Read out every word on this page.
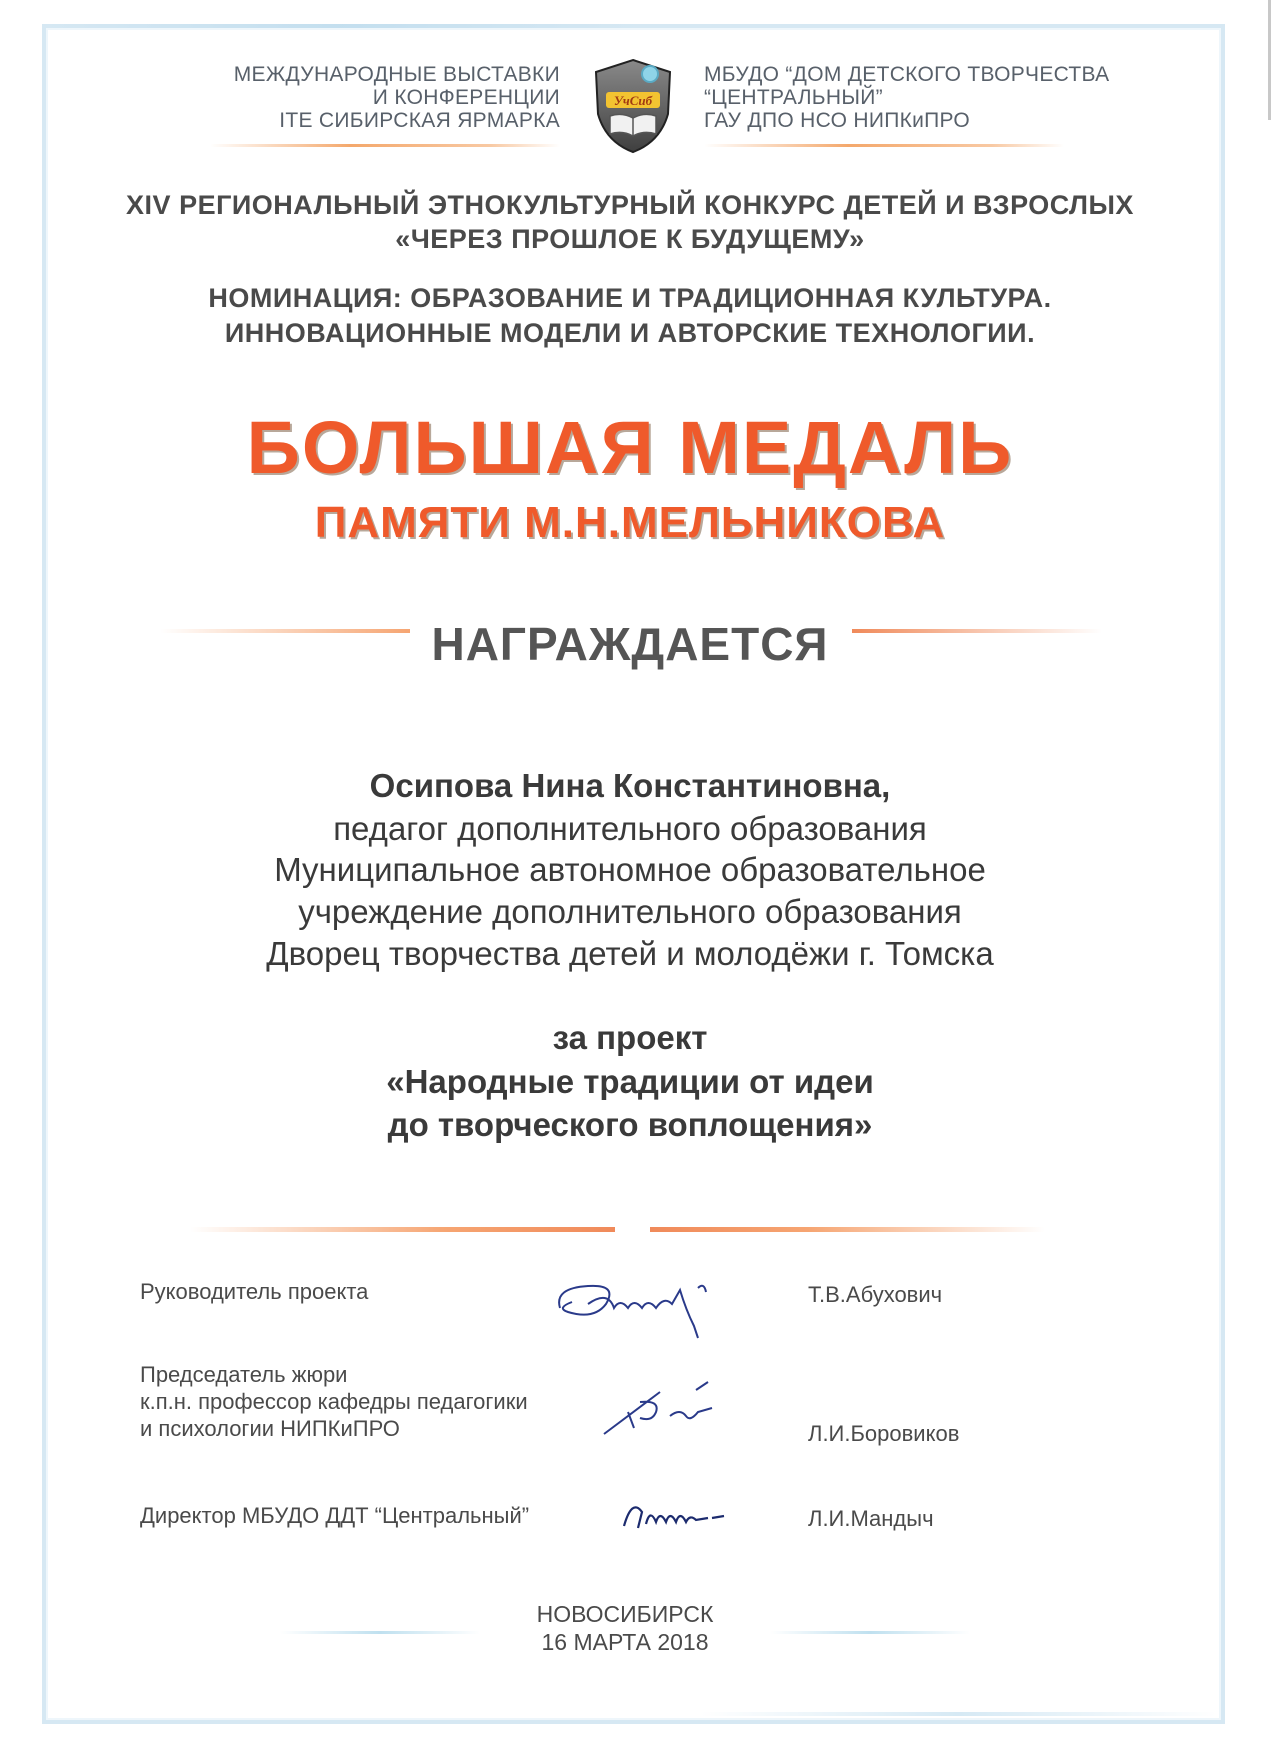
МЕЖДУНАРОДНЫЕ ВЫСТАВКИ
И КОНФЕРЕНЦИИ
ITE СИБИРСКАЯ ЯРМАРКА
УчСиб
МБУДО “ДОМ ДЕТСКОГО ТВОРЧЕСТВА
“ЦЕНТРАЛЬНЫЙ”
ГАУ ДПО НСО НИПКиПРО
XIV РЕГИОНАЛЬНЫЙ ЭТНОКУЛЬТУРНЫЙ КОНКУРС ДЕТЕЙ И ВЗРОСЛЫХ
«ЧЕРЕЗ ПРОШЛОЕ К БУДУЩЕМУ»
НОМИНАЦИЯ: ОБРАЗОВАНИЕ И ТРАДИЦИОННАЯ КУЛЬТУРА.
ИННОВАЦИОННЫЕ МОДЕЛИ И АВТОРСКИЕ ТЕХНОЛОГИИ.
БОЛЬШАЯ МЕДАЛЬ
ПАМЯТИ М.Н.МЕЛЬНИКОВА
НАГРАЖДАЕТСЯ
Осипова Нина Константиновна,
педагог дополнительного образования
Муниципальное автономное образовательное
учреждение дополнительного образования
Дворец творчества детей и молодёжи г. Томска
за проект
«Народные традиции от идеи
до творческого воплощения»
Руководитель проекта	Т.В.Абухович
Председатель жюри
к.п.н. профессор кафедры педагогики
и психологии НИПКиПРО	Л.И.Боровиков
Директор МБУДО ДДТ “Центральный”	Л.И.Мандыч
НОВОСИБИРСК
16 МАРТА 2018
